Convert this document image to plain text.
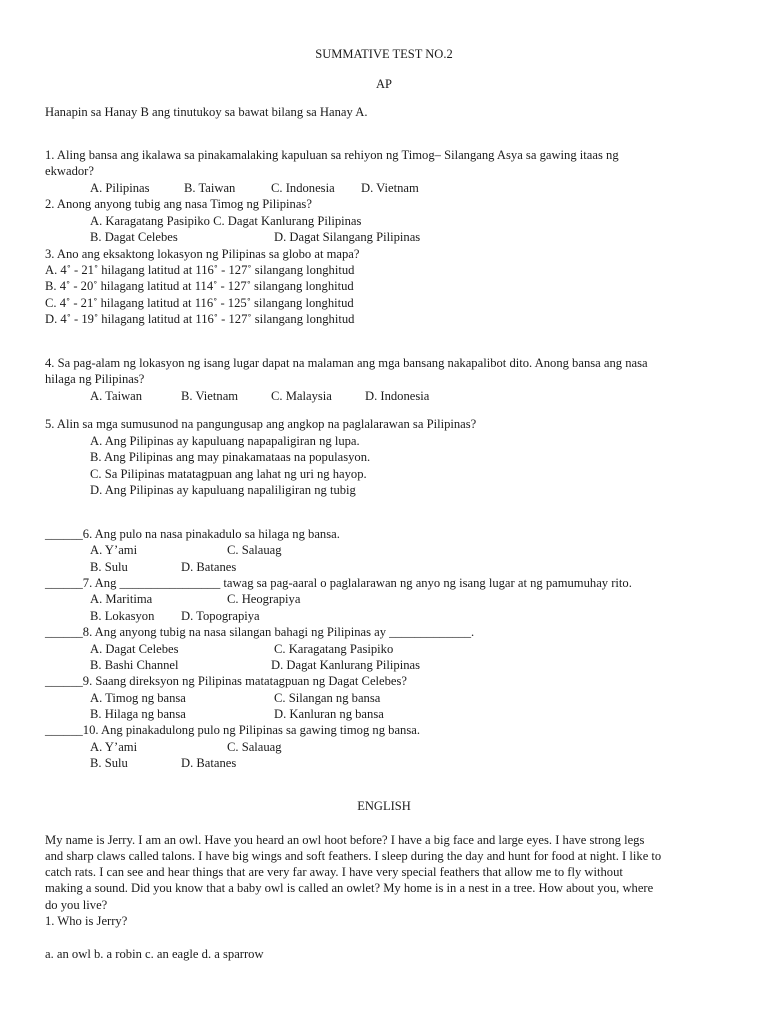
SUMMATIVE TEST NO.2
AP
Hanapin sa Hanay B ang tinutukoy sa bawat bilang sa Hanay A.
1. Aling bansa ang ikalawa sa pinakamalaking kapuluan sa rehiyon ng Timog– Silangang Asya sa gawing itaas ng
ekwador?
A. Pilipinas	B. Taiwan	C. Indonesia D. Vietnam
2. Anong anyong tubig ang nasa Timog ng Pilipinas?
A. Karagatang Pasipiko C. Dagat Kanlurang Pilipinas
B. Dagat Celebes	D. Dagat Silangang Pilipinas
3. Ano ang eksaktong lokasyon ng Pilipinas sa globo at mapa?
A. 4˚ - 21˚ hilagang latitud at 116˚ - 127˚ silangang longhitud
B. 4˚ - 20˚ hilagang latitud at 114˚ - 127˚ silangang longhitud
C. 4˚ - 21˚ hilagang latitud at 116˚ - 125˚ silangang longhitud
D. 4˚ - 19˚ hilagang latitud at 116˚ - 127˚ silangang longhitud
4. Sa pag-alam ng lokasyon ng isang lugar dapat na malaman ang mga bansang nakapalibot dito. Anong bansa ang nasa
hilaga ng Pilipinas?
A. Taiwan	B. Vietnam	C. Malaysia	D. Indonesia
5. Alin sa mga sumusunod na pangungusap ang angkop na paglalarawan sa Pilipinas?
A. Ang Pilipinas ay kapuluang napapaligiran ng lupa.
B. Ang Pilipinas ang may pinakamataas na populasyon.
C. Sa Pilipinas matatagpuan ang lahat ng uri ng hayop.
D. Ang Pilipinas ay kapuluang napaliligiran ng tubig
______6. Ang pulo na nasa pinakadulo sa hilaga ng bansa.
A. Y’ami	C. Salauag
B. Sulu	D. Batanes
______7. Ang ________________ tawag sa pag-aaral o paglalarawan ng anyo ng isang lugar at ng pamumuhay rito.
A. Maritima	C. Heograpiya
B. Lokasyon D. Topograpiya
______8. Ang anyong tubig na nasa silangan bahagi ng Pilipinas ay _____________.
A. Dagat Celebes	C. Karagatang Pasipiko
B. Bashi Channel	D. Dagat Kanlurang Pilipinas
______9. Saang direksyon ng Pilipinas matatagpuan ng Dagat Celebes?
A. Timog ng bansa	C. Silangan ng bansa
B. Hilaga ng bansa	D. Kanluran ng bansa
______10. Ang pinakadulong pulo ng Pilipinas sa gawing timog ng bansa.
A. Y’ami	C. Salauag
B. Sulu	D. Batanes
ENGLISH
My name is Jerry. I am an owl. Have you heard an owl hoot before? I have a big face and large eyes. I have strong legs
and sharp claws called talons. I have big wings and soft feathers. I sleep during the day and hunt for food at night. I like to
catch rats. I can see and hear things that are very far away. I have very special feathers that allow me to fly without
making a sound. Did you know that a baby owl is called an owlet? My home is in a nest in a tree. How about you, where
do you live?
1. Who is Jerry?
a. an owl b. a robin c. an eagle d. a sparrow
